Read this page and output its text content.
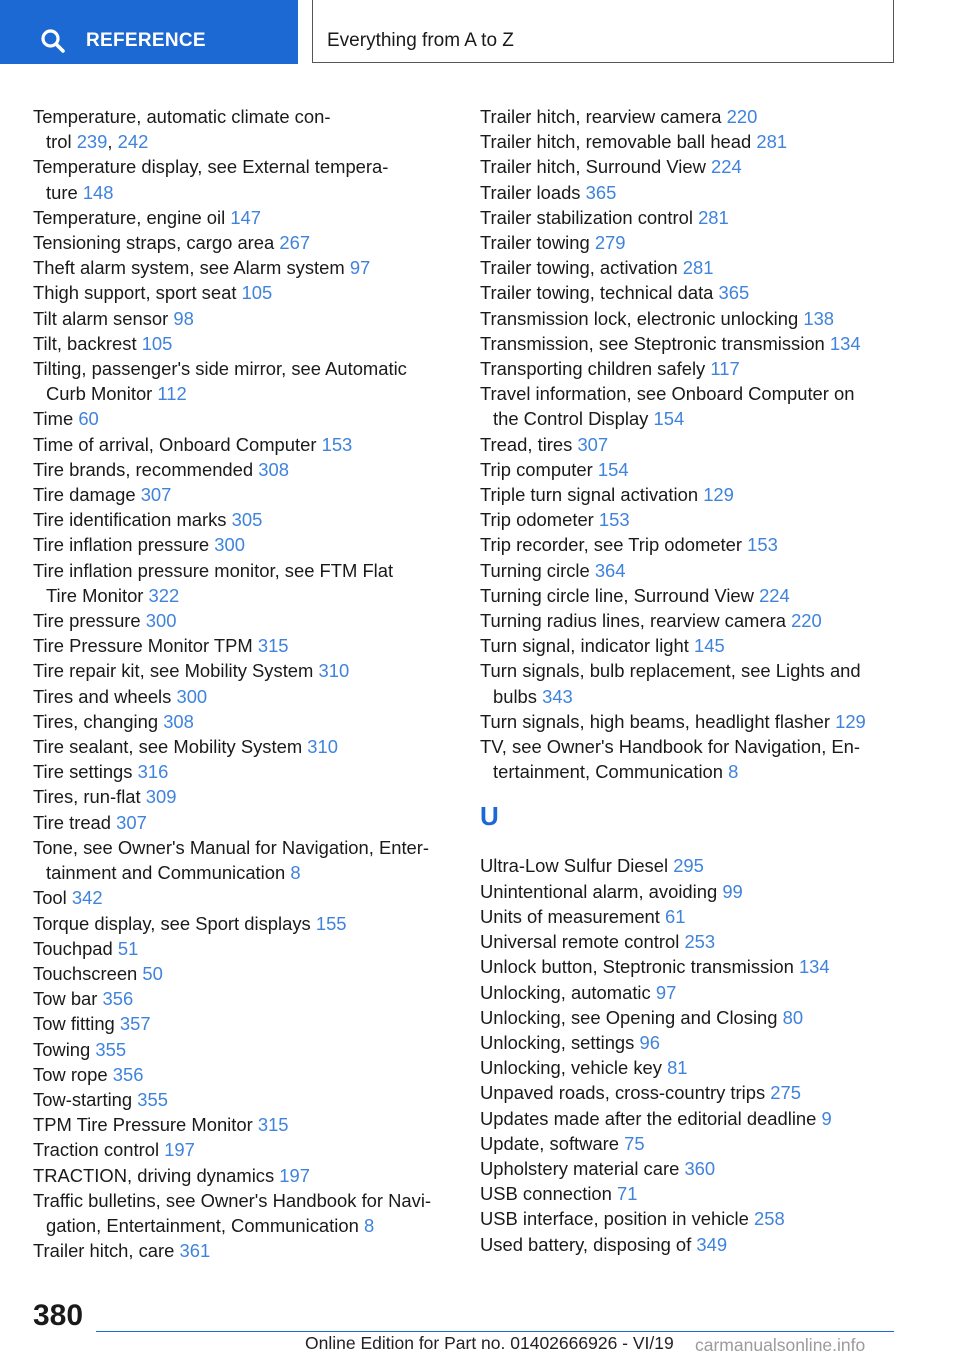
REFERENCE	Everything from A to Z
Temperature, automatic climate con-
trol 239, 242
Temperature display, see External tempera-
ture 148
Temperature, engine oil 147
Tensioning straps, cargo area 267
Theft alarm system, see Alarm system 97
Thigh support, sport seat 105
Tilt alarm sensor 98
Tilt, backrest 105
Tilting, passenger's side mirror, see Automatic
Curb Monitor 112
Time 60
Time of arrival, Onboard Computer 153
Tire brands, recommended 308
Tire damage 307
Tire identification marks 305
Tire inflation pressure 300
Tire inflation pressure monitor, see FTM Flat
Tire Monitor 322
Tire pressure 300
Tire Pressure Monitor TPM 315
Tire repair kit, see Mobility System 310
Tires and wheels 300
Tires, changing 308
Tire sealant, see Mobility System 310
Tire settings 316
Tires, run-flat 309
Tire tread 307
Tone, see Owner's Manual for Navigation, Enter-
tainment and Communication 8
Tool 342
Torque display, see Sport displays 155
Touchpad 51
Touchscreen 50
Tow bar 356
Tow fitting 357
Towing 355
Tow rope 356
Tow-starting 355
TPM Tire Pressure Monitor 315
Traction control 197
TRACTION, driving dynamics 197
Traffic bulletins, see Owner's Handbook for Navi-
gation, Entertainment, Communication 8
Trailer hitch, care 361
Trailer hitch, rearview camera 220
Trailer hitch, removable ball head 281
Trailer hitch, Surround View 224
Trailer loads 365
Trailer stabilization control 281
Trailer towing 279
Trailer towing, activation 281
Trailer towing, technical data 365
Transmission lock, electronic unlocking 138
Transmission, see Steptronic transmission 134
Transporting children safely 117
Travel information, see Onboard Computer on
the Control Display 154
Tread, tires 307
Trip computer 154
Triple turn signal activation 129
Trip odometer 153
Trip recorder, see Trip odometer 153
Turning circle 364
Turning circle line, Surround View 224
Turning radius lines, rearview camera 220
Turn signal, indicator light 145
Turn signals, bulb replacement, see Lights and
bulbs 343
Turn signals, high beams, headlight flasher 129
TV, see Owner's Handbook for Navigation, En-
tertainment, Communication 8
U
Ultra-Low Sulfur Diesel 295
Unintentional alarm, avoiding 99
Units of measurement 61
Universal remote control 253
Unlock button, Steptronic transmission 134
Unlocking, automatic 97
Unlocking, see Opening and Closing 80
Unlocking, settings 96
Unlocking, vehicle key 81
Unpaved roads, cross-country trips 275
Updates made after the editorial deadline 9
Update, software 75
Upholstery material care 360
USB connection 71
USB interface, position in vehicle 258
Used battery, disposing of 349
380
Online Edition for Part no. 01402666926 - VI/19 carmanualsonline.info
